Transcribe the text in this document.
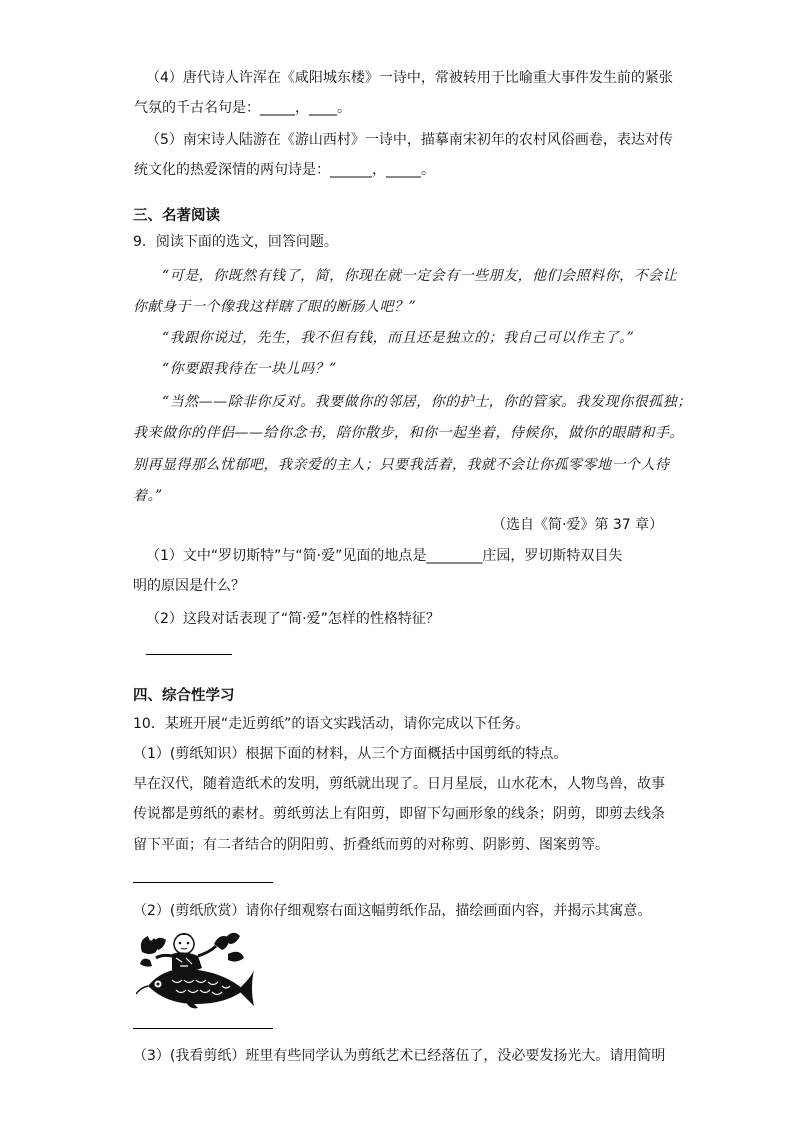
（4）唐代诗人许浑在《咸阳城东楼》一诗中，常被转用于比喻重大事件发生前的紧张
气氛的千古名句是：_____，____。
（5）南宋诗人陆游在《游山西村》一诗中，描摹南宋初年的农村风俗画卷，表达对传
统文化的热爱深情的两句诗是：______，_____。
三、名著阅读
9．阅读下面的选文，回答问题。
“可是，你既然有钱了，简，你现在就一定会有一些朋友，他们会照料你，不会让
你献身于一个像我这样瞎了眼的断肠人吧？”
“我跟你说过，先生，我不但有钱，而且还是独立的；我自己可以作主了。”
“你要跟我待在一块儿吗？”
“当然——除非你反对。我要做你的邻居，你的护士，你的管家。我发现你很孤独；
我来做你的伴侣——给你念书，陪你散步，和你一起坐着，侍候你，做你的眼睛和手。
别再显得那么忧郁吧，我亲爱的主人；只要我活着，我就不会让你孤零零地一个人待
着。”
（选自《简·爱》第 37 章）
（1）文中“罗切斯特”与“简·爱”见面的地点是________庄园，罗切斯特双目失
明的原因是什么？
（2）这段对话表现了“简·爱”怎样的性格特征？
四、综合性学习
10．某班开展“走近剪纸”的语文实践活动，请你完成以下任务。
（1）(剪纸知识）根据下面的材料，从三个方面概括中国剪纸的特点。
早在汉代，随着造纸术的发明，剪纸就出现了。日月星辰，山水花木，人物鸟兽，故事
传说都是剪纸的素材。剪纸剪法上有阳剪，即留下勾画形象的线条；阴剪，即剪去线条
留下平面；有二者结合的阴阳剪、折叠纸而剪的对称剪、阴影剪、图案剪等。
（2）(剪纸欣赏）请你仔细观察右面这幅剪纸作品，描绘画面内容，并揭示其寓意。
（3）(我看剪纸）班里有些同学认为剪纸艺术已经落伍了，没必要发扬光大。请用简明
